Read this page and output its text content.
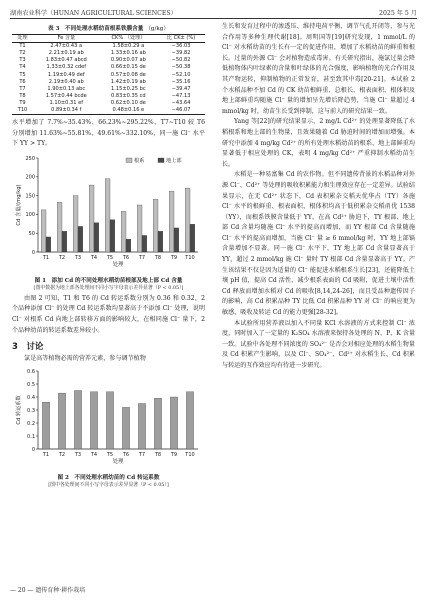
湖南农业科学（HUNAN AGRICULTURAL SCIENCES）	2025 年 5 月
表 3　不同处理水稻幼苗根系铁膜含量 （g/kg）
处理	Fe 含量	CK% （处理）	比 CK± (%)
T1	2.47±0.43 a	1.58±0.29 a	−36.03
T2	2.21±0.19 ab	1.33±0.16 ab	−39.82
T3	1.83±0.47 abcd	0.90±0.07 ab	−50.82
T4	1.33±0.32 cdef	0.66±0.15 de	−50.38
T5	1.19±0.49 def	0.57±0.08 de	−52.10
T6	2.19±0.40 ab	1.42±0.19 ab	−35.16
T7	1.90±0.13 abc	1.15±0.25 bc	−39.47
T8	1.57±0.44 bcde	0.83±0.35 cd	−47.13
T9	1.10±0.31 ef	0.62±0.10 de	−43.64
T10	0.89±0.34 f	0.48±0.16 e	−46.07

水平增加了 7.7%~35.43%、66.23%~295.22%，T7~T10 较 T6 分别增加 11.63%~55.81%、49.61%~332.10%，同一施 Cl⁻ 水平下 YY > TY。

0
50
100
150
200
250
T1 T2 T3 T4 T5 T6 T7 T8 T9 T10
Cd 含量/(mg/kg)
处理
根系	地上部

图 1　添加 Cd 的不同处理水稻幼苗根部及地上部 Cd 含量

[图中数据为地上部各处理间不同小写字母表示差异显著（P < 0.05）]

由图 2 可知，T1 和 T6 的 Cd 转运系数分别为 0.36 和 0.32，2 个品种添加 Cl⁻ 的处理 Cd 转运系数均显著高于不添加 Cl⁻ 处理，说明 Cl⁻ 对根系 Cd 向地上部转移方面的影响较大，在相同施 Cl⁻ 量下，2 个品种幼苗的转运系数差异较小。

3　讨论

氯是高等植物必需的营养元素，参与调节植物

0
0.1
0.2
0.3
0.4
0.5
0.6
T1 T2 T3 T4 T5 T6 T7 T8 T9 T10
Cd 转运系数
处理

图 2　不同处理水稻幼苗的 Cd 转运系数

[图中各处理间不同小写字母表示差异显著（P < 0.05）]

生长和发育过程中的渗透压、维持电荷平衡、调节气孔开闭等，参与光合作用等多种生理代谢[18]。周明国等[19]研究发现，1 mmol/L 的 Cl⁻ 对水稻幼苗的生长有一定的促进作用，增加了水稻幼苗的鲜重和根长。过量的外源 Cl⁻ 会对植物造成毒害。有关研究指出，施氯过量会降低植物体内叶绿素的含量和叶绿体的光合强度，影响植物的光合作用及其产物运转，抑制植物的正常发育，甚至致其中毒[20-21]。本试验 2 个水稻品种不加 Cd 的 CK 幼苗根鲜重、总根长、根表面积、根体积及地上部鲜重均随施 Cl⁻ 量的增加呈先增后降趋势，当施 Cl⁻ 量超过 4 mmol/kg 时，幼苗生长受到抑制，这与前人的研究结果一致。

Yang 等[22]的研究结果显示，2 mg/L Cd²⁺ 的处理显著降低了水稻根系和地上部的生物量，且效果随着 Cd 胁迫时间的增加而增强。本研究中添加 4 mg/kg Cd²⁺ 的所有处理水稻幼苗的根系、地上部鲜重均显著低于相应处理的 CK，表明 4 mg/kg Cd²⁺ 严重抑制水稻幼苗生长。

水稻是一种易富集 Cd 的农作物。但不同遗传背景的水稻品种对外源 Cl⁻、Cd²⁺ 等处理的吸收积累能力和生理效应存在一定差异。试验结果显示，在无 Cd²⁺ 状态下，Cd 表积累杂交稻天优华占（TY）各施 Cl⁻ 水平的根鲜重、根表面积、根体积均高于低积累杂交稻甬优 1538（YY），而根系铁膜含量低于 YY。在高 Cd²⁺ 胁迫下，TY 根部、地上部 Cd 含量均随施 Cl⁻ 水平的提高而增加，而 YY 根部 Cd 含量随施 Cl⁻ 水平的提高而增加，当施 Cl⁻ 量 ≥ 6 mmol/kg 时，YY 地上部镉含量增加不显著。同一施 Cl⁻ 水平下，TY 地上部 Cd 含量显著高于 YY，超过 2 mmol/kg 施 Cl⁻ 量时 TY 根部 Cd 含量显著高于 YY。产生该结果不仅是因为适量的 Cl⁻ 能促进水稻根系生长[23]，还能降低土壤 pH 值，提高 Cd 活性，减少根系表面的 Cd 吸附，促进土壤中活性 Cd 释放而增加水稻对 Cd 的吸收[8,14,24-26]，而且受品种遗传因子的影响，高 Cd 积累品种 TY 比低 Cd 积累品种 YY 对 Cl⁻ 的响应更为敏感，吸收及转运 Cd 的能力更强[28-32]。

本试验所用营养液以加入不同量 KCl 水溶液的方式来控制 Cl⁻ 浓度，同时加入了一定量的 K₂SO₄ 水溶液来保持各处理的 N、P、K 含量一致。试验中各处理不同浓度的 SO₄²⁻ 是否会对相应处理的水稻生物量及 Cd 积累产生影响，以及 Cl⁻、SO₄²⁻、Cd²⁺ 对水稻生长、Cd 积累与转运的互作效应均有待进一步研究。

— 20 — 遗传育种·耕作栽培
